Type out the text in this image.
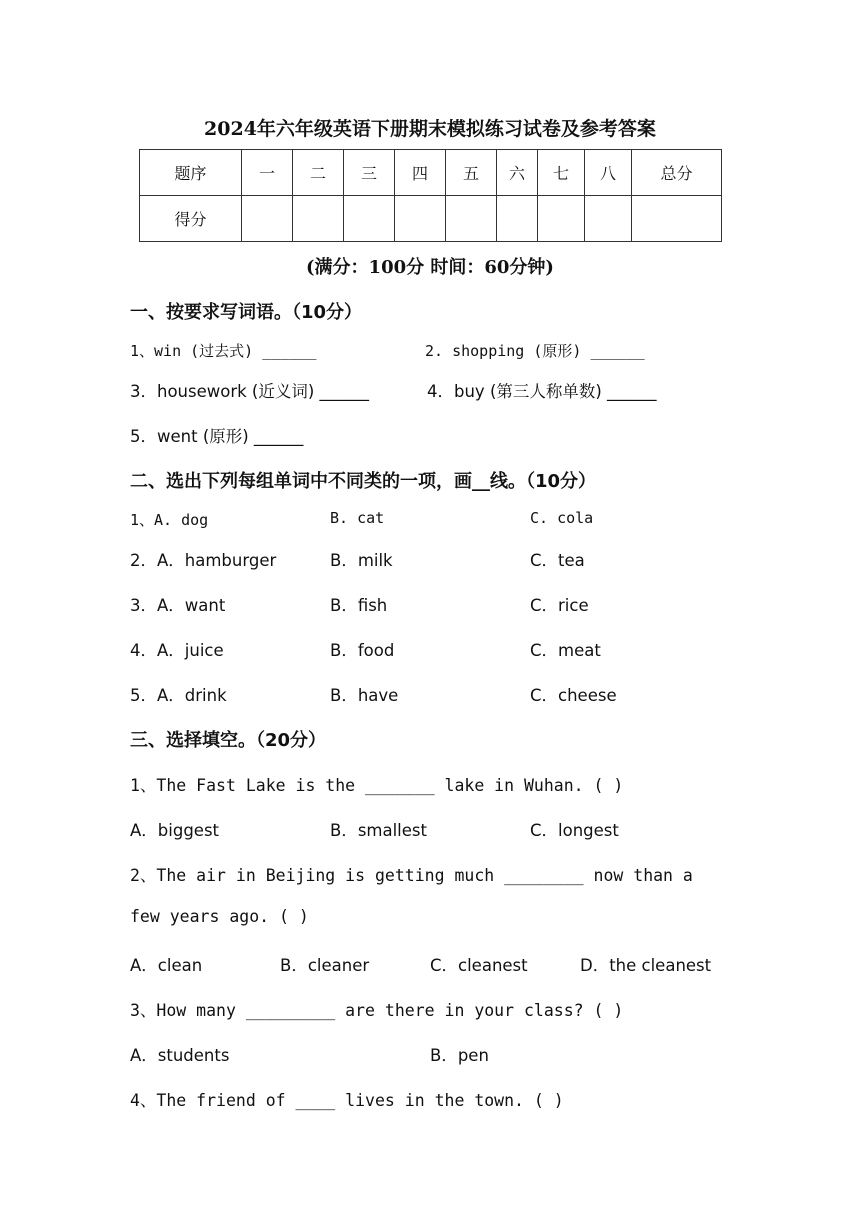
2024年六年级英语下册期末模拟练习试卷及参考答案
题序	一	二	三	四	五	六	七	八	总分
得分									
(满分：100分 时间：60分钟)
一、按要求写词语。（10分）
1、win (过去式) ______	2. shopping (原形) ______
3．housework (近义词) ______	4．buy (第三人称单数) ______
5．went (原形) ______
二、选出下列每组单词中不同类的一项，画__线。（10分）
1、A. dog	B. cat	C. cola
2．A．hamburger	B．milk	C．tea
3．A．want	B．fish	C．rice
4．A．juice	B．food	C．meat
5．A．drink	B．have	C．cheese
三、选择填空。（20分）
1、The Fast Lake is the _______ lake in Wuhan. ( )
A．biggest	B．smallest	C．longest
2、The air in Beijing is getting much ________ now than a
few years ago. ( )
A．clean	B．cleaner	C．cleanest	D．the cleanest
3、How many _________ are there in your class? ( )
A．students	B．pen
4、The friend of ____ lives in the town. ( )
